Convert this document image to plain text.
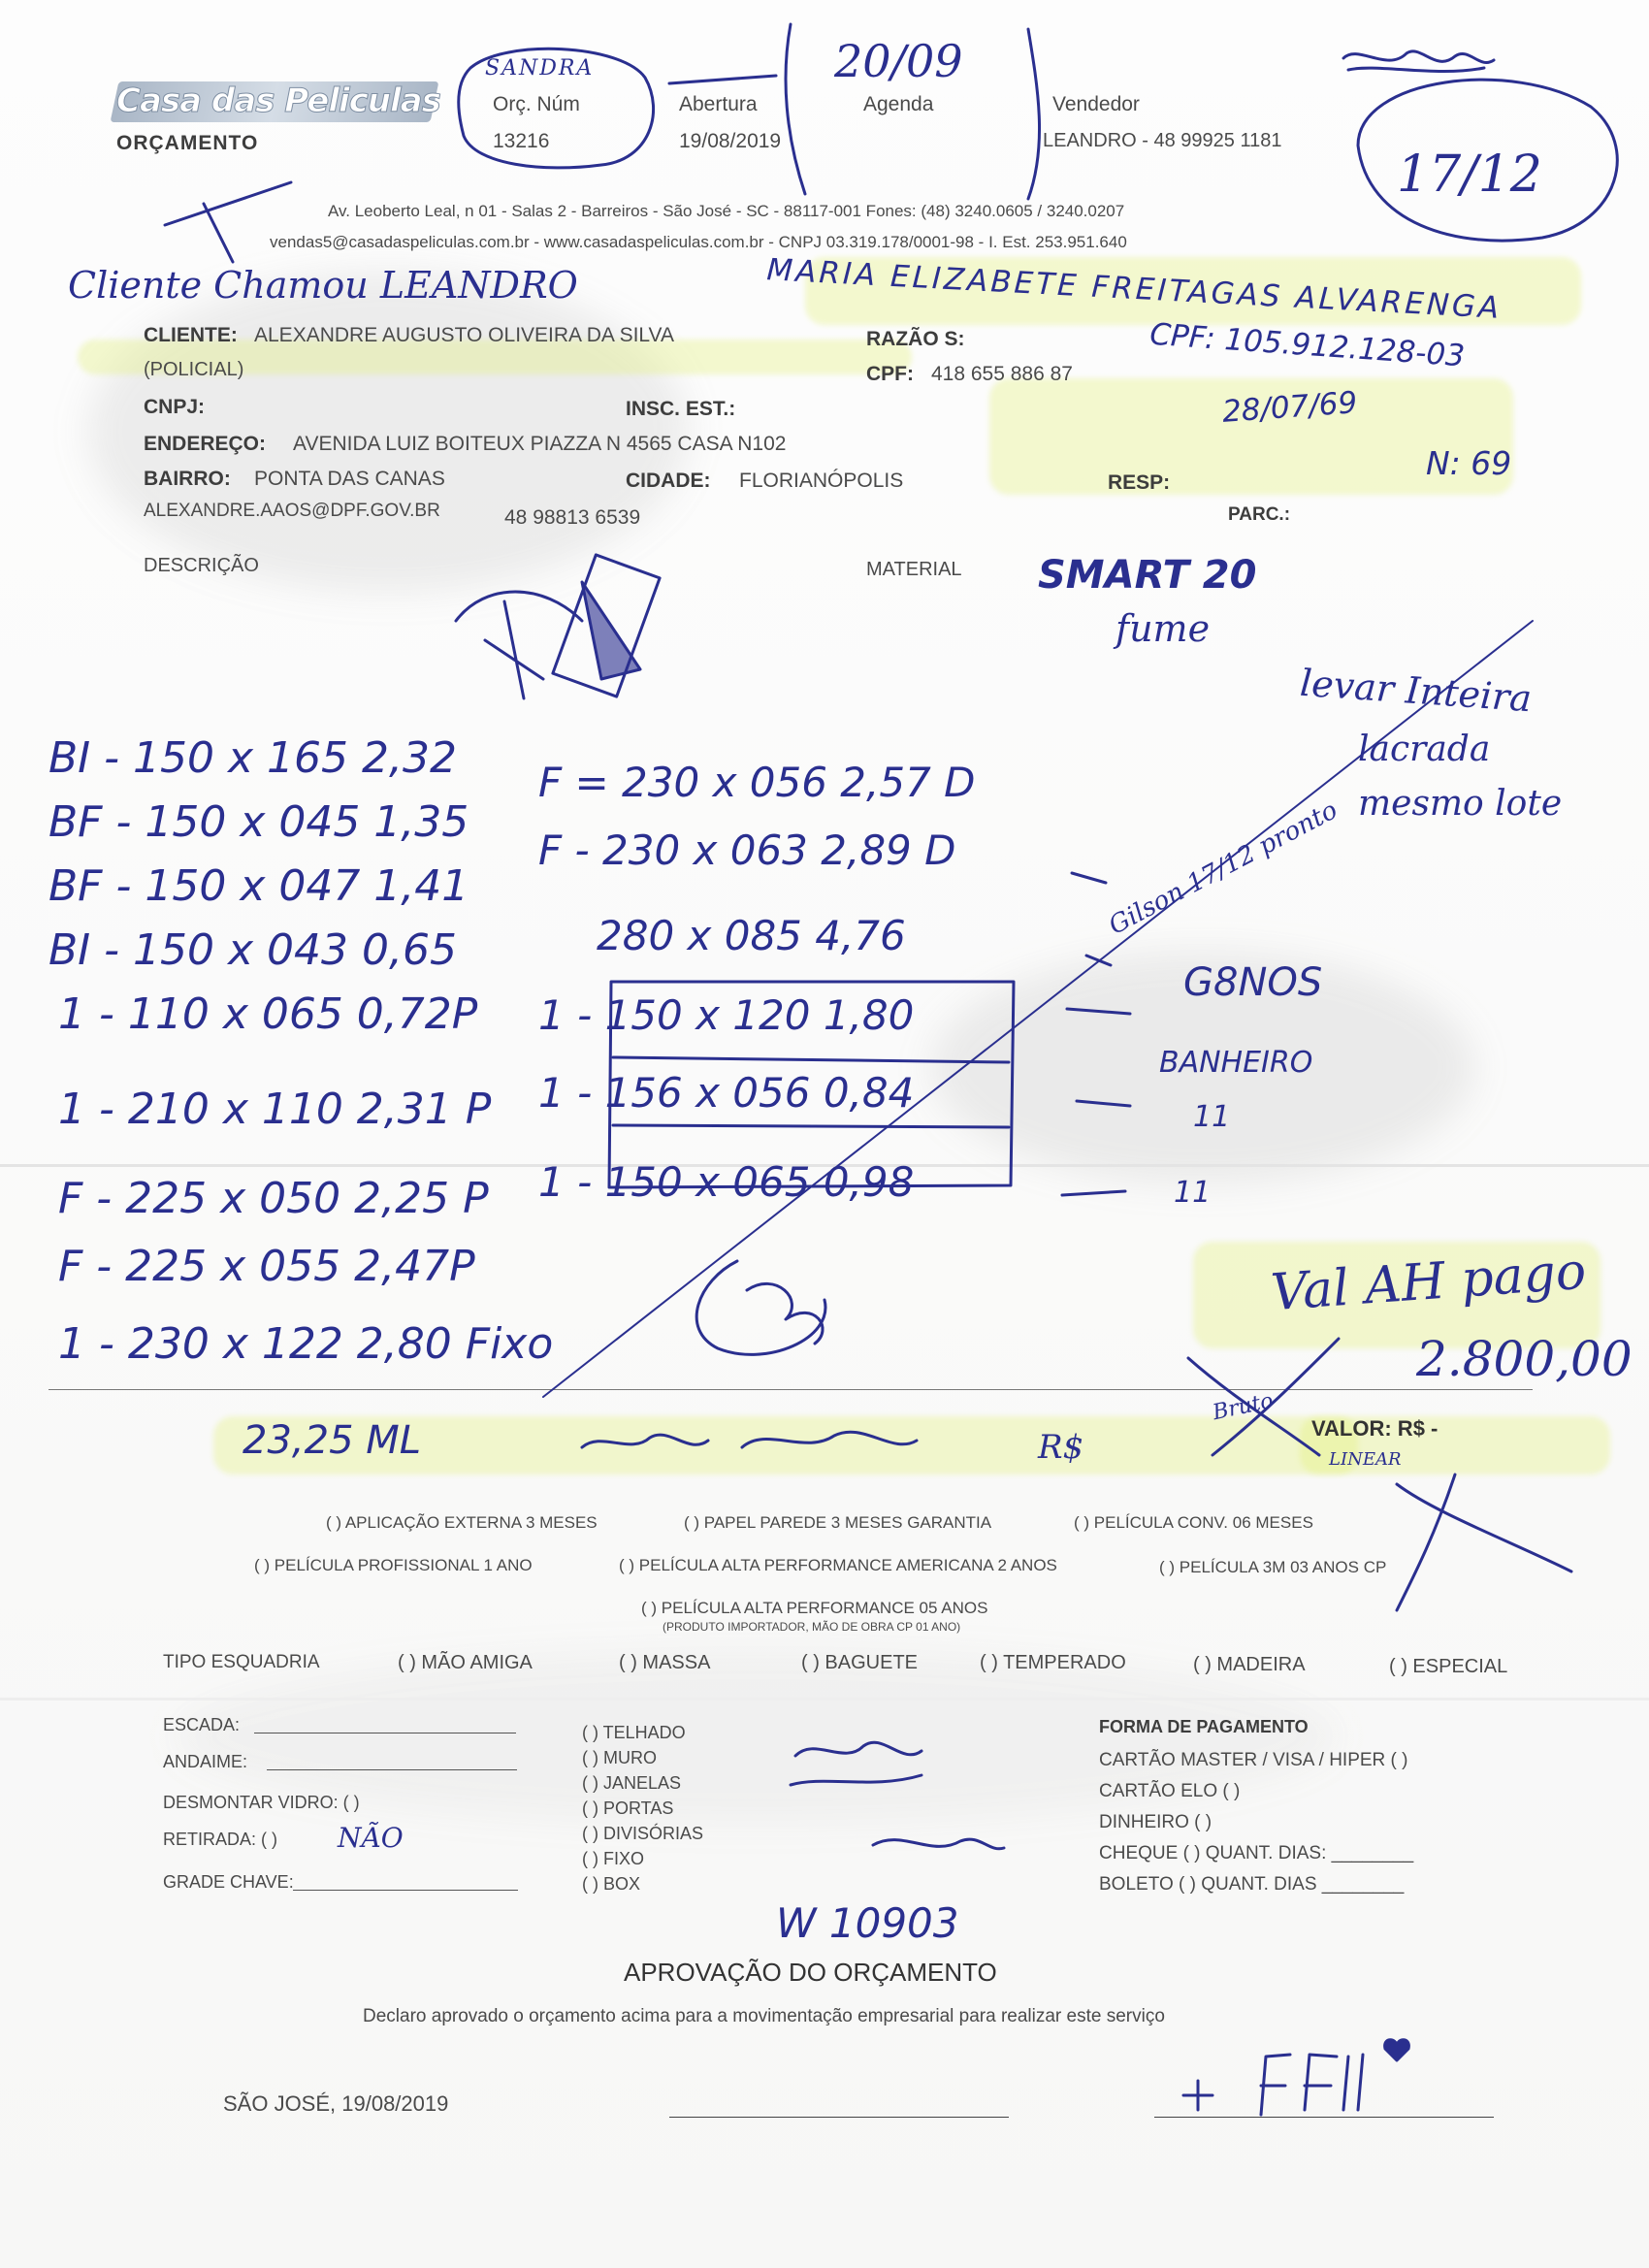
Casa das Peliculas
ORÇAMENTO
Orç. Núm
13216
Abertura
19/08/2019
Agenda	Vendedor
LEANDRO - 48 99925 1181
Av. Leoberto Leal, n 01 - Salas 2 - Barreiros - São José - SC - 88117-001 Fones: (48) 3240.0605 / 3240.0207
vendas5@casadaspeliculas.com.br - www.casadaspeliculas.com.br - CNPJ 03.319.178/0001-98 - I. Est. 253.951.640
SANDRA	20/09
17/12
Cliente Chamou LEANDRO	MARIA ELIZABETE FREITAGAS ALVARENGA
CPF: 105.912.128-03
28/07/69
N: 69
CLIENTE: ALEXANDRE AUGUSTO OLIVEIRA DA SILVA
(POLICIAL)
RAZÃO S:
CPF: 418 655 886 87
CNPJ:	INSC. EST.:
ENDEREÇO: AVENIDA LUIZ BOITEUX PIAZZA N 4565 CASA N102
BAIRRO: PONTA DAS CANAS	CIDADE: FLORIANÓPOLIS	RESP:
ALEXANDRE.AAOS@DPF.GOV.BR	48 98813 6539	PARC.:
DESCRIÇÃO	MATERIAL SMART 20
fume
BI - 150 x 165 2,32
BF - 150 x 045 1,35
BF - 150 x 047 1,41
BI - 150 x 043 0,65
1 - 110 x 065 0,72P
1 - 210 x 110 2,31 P
F - 225 x 050 2,25 P
F - 225 x 055 2,47P
1 - 230 x 122 2,80 Fixo
F = 230 x 056 2,57 D
F - 230 x 063 2,89 D
280 x 085 4,76
1 - 150 x 120 1,80
1 - 156 x 056 0,84
1 - 150 x 065 0,98
levar Inteira
lacrada
mesmo lote
Gilson 17/12 pronto
G8NOS
BANHEIRO
11
11
Val AH pago
2.800,00
23,25 ML	R$
Bruto
LINEAR
VALOR: R$ -
( ) APLICAÇÃO EXTERNA 3 MESES	( ) PAPEL PAREDE 3 MESES GARANTIA	( ) PELÍCULA CONV. 06 MESES
( ) PELÍCULA PROFISSIONAL 1 ANO	( ) PELÍCULA ALTA PERFORMANCE AMERICANA 2 ANOS	( ) PELÍCULA 3M 03 ANOS CP
( ) PELÍCULA ALTA PERFORMANCE 05 ANOS
(PRODUTO IMPORTADOR, MÃO DE OBRA CP 01 ANO)
TIPO ESQUADRIA	( ) MÃO AMIGA	( ) MASSA	( ) BAGUETE	( ) TEMPERADO	( ) MADEIRA	( ) ESPECIAL
ESCADA:
ANDAIME:
DESMONTAR VIDRO: ( )
RETIRADA: ( ) NÃO
GRADE CHAVE:
( ) TELHADO
( ) MURO
( ) JANELAS
( ) PORTAS
( ) DIVISÓRIAS
( ) FIXO
( ) BOX
FORMA DE PAGAMENTO
CARTÃO MASTER / VISA / HIPER ( )
CARTÃO ELO ( )
DINHEIRO ( )
CHEQUE ( ) QUANT. DIAS: ________
BOLETO ( ) QUANT. DIAS ________
W 10903
APROVAÇÃO DO ORÇAMENTO
Declaro aprovado o orçamento acima para a movimentação empresarial para realizar este serviço
SÃO JOSÉ, 19/08/2019
